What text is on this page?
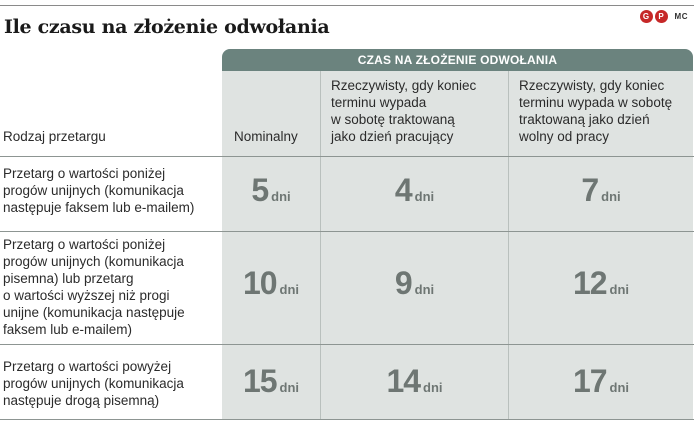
Ile czasu na złożenie odwołania	G	P	MC
CZAS NA ZŁOŻENIE ODWOŁANIA
Rodzaj przetargu	Nominalny
Rzeczywisty, gdy koniec
terminu wypada
w sobotę traktowaną
jako dzień pracujący
Rzeczywisty, gdy koniec
terminu wypada w sobotę
traktowaną jako dzień
wolny od pracy
Przetarg o wartości poniżej
progów unijnych (komunikacja
następuje faksem lub e-mailem)	5 dni	4 dni	7 dni
Przetarg o wartości poniżej
progów unijnych (komunikacja
pisemna) lub przetarg
o wartości wyższej niż progi
unijne (komunikacja następuje
faksem lub e-mailem)
10 dni	9 dni	12 dni
Przetarg o wartości powyżej
progów unijnych (komunikacja
następuje drogą pisemną)
15 dni	14 dni	17 dni
